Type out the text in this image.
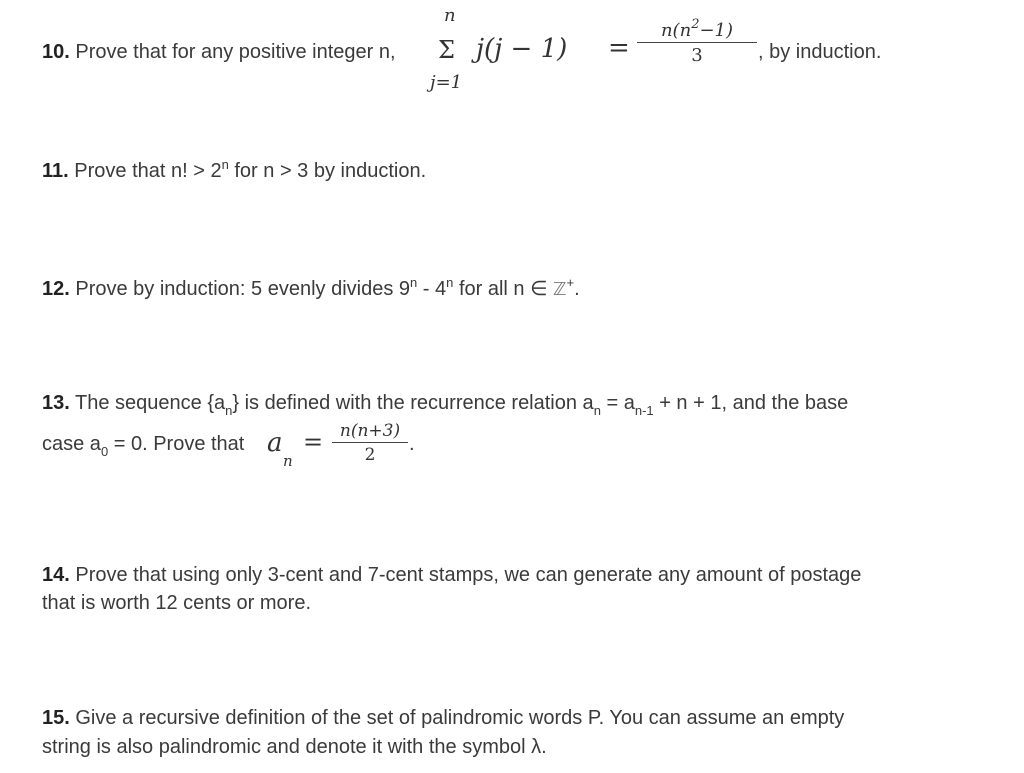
10. Prove that for any positive integer n,
n
Σ
j=1
$j(j - 1) = \frac{n(n^2-1)}{3}$ , by induction.
11. Prove that n! > $2^n$ for n > 3 by induction.
12. Prove by induction: 5 evenly divides 9$^n$ - 4$^n$ for all n ∈ ℤ+.
13. The sequence $\{a_n\}$ is defined with the recurrence relation $a_n = a_{n-1} + n + 1$, and the base
case $a_0 = 0$. Prove that a
n
= $\frac{n(n+3)}{2}$ .
14. Prove that using only 3-cent and 7-cent stamps, we can generate any amount of postage
that is worth 12 cents or more.
15. Give a recursive definition of the set of palindromic words P. You can assume an empty
string is also palindromic and denote it with the symbol λ.
